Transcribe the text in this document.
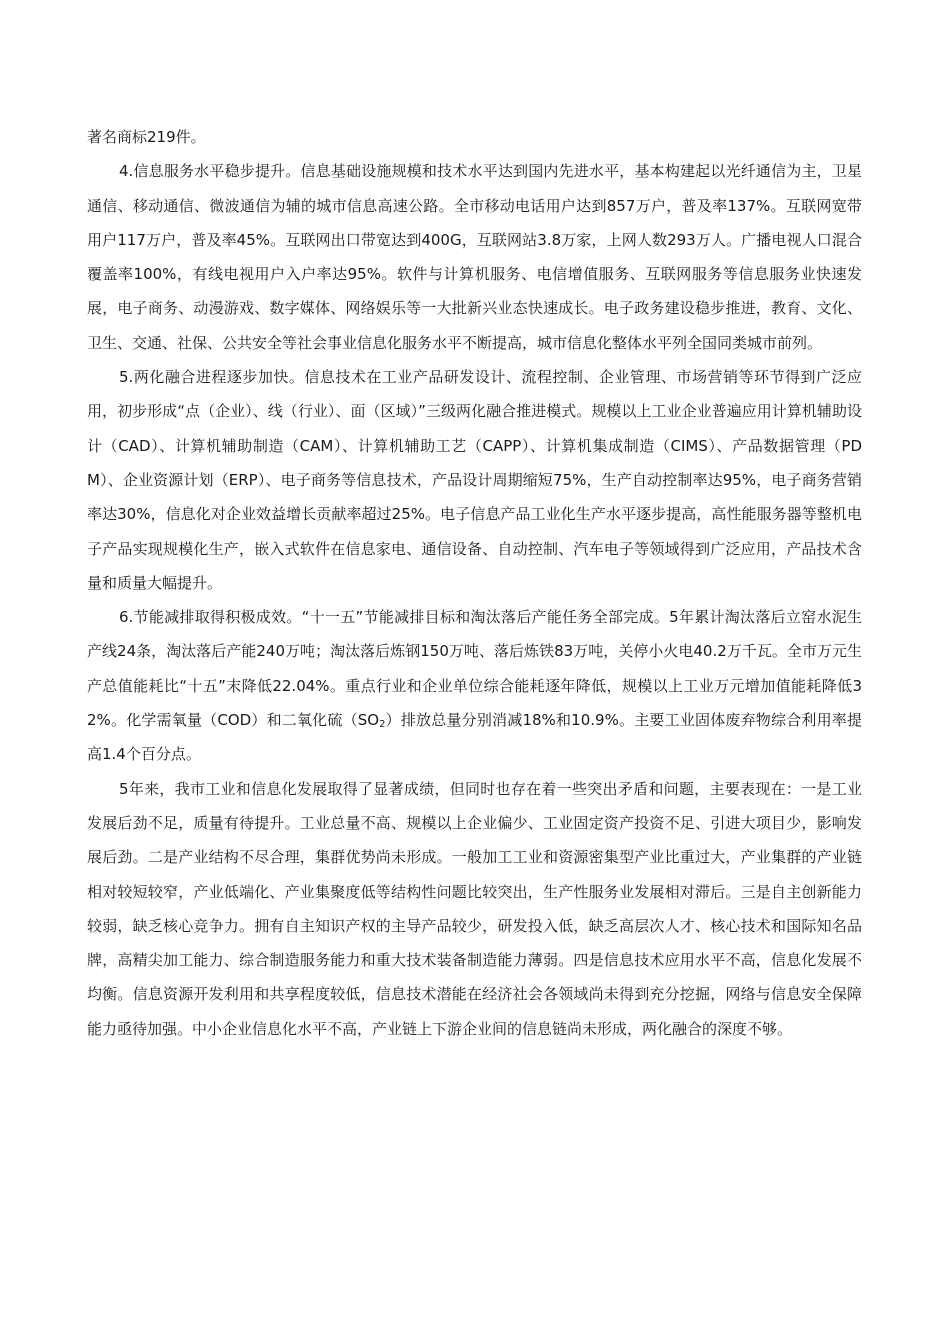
著名商标219件。

4.信息服务水平稳步提升。信息基础设施规模和技术水平达到国内先进水平，基本构建起以光纤通信为主，卫星通信、移动通信、微波通信为辅的城市信息高速公路。全市移动电话用户达到857万户，普及率137%。互联网宽带用户117万户，普及率45%。互联网出口带宽达到400G，互联网站3.8万家，上网人数293万人。广播电视人口混合覆盖率100%，有线电视用户入户率达95%。软件与计算机服务、电信增值服务、互联网服务等信息服务业快速发展，电子商务、动漫游戏、数字媒体、网络娱乐等一大批新兴业态快速成长。电子政务建设稳步推进，教育、文化、卫生、交通、社保、公共安全等社会事业信息化服务水平不断提高，城市信息化整体水平列全国同类城市前列。

5.两化融合进程逐步加快。信息技术在工业产品研发设计、流程控制、企业管理、市场营销等环节得到广泛应用，初步形成“点（企业）、线（行业）、面（区域）”三级两化融合推进模式。规模以上工业企业普遍应用计算机辅助设计（CAD）、计算机辅助制造（CAM）、计算机辅助工艺（CAPP）、计算机集成制造（CIMS）、产品数据管理（PDM）、企业资源计划（ERP）、电子商务等信息技术，产品设计周期缩短75%，生产自动控制率达95%，电子商务营销率达30%，信息化对企业效益增长贡献率超过25%。电子信息产品工业化生产水平逐步提高，高性能服务器等整机电子产品实现规模化生产，嵌入式软件在信息家电、通信设备、自动控制、汽车电子等领域得到广泛应用，产品技术含量和质量大幅提升。

6.节能减排取得积极成效。“十一五”节能减排目标和淘汰落后产能任务全部完成。5年累计淘汰落后立窑水泥生产线24条，淘汰落后产能240万吨；淘汰落后炼钢150万吨、落后炼铁83万吨，关停小火电40.2万千瓦。全市万元生产总值能耗比“十五”末降低22.04%。重点行业和企业单位综合能耗逐年降低，规模以上工业万元增加值能耗降低32%。化学需氧量（COD）和二氧化硫$(SO_2)$排放总量分别消减18%和10.9%。主要工业固体废弃物综合利用率提高1.4个百分点。

5年来，我市工业和信息化发展取得了显著成绩，但同时也存在着一些突出矛盾和问题，主要表现在：一是工业发展后劲不足，质量有待提升。工业总量不高、规模以上企业偏少、工业固定资产投资不足、引进大项目少，影响发展后劲。二是产业结构不尽合理，集群优势尚未形成。一般加工工业和资源密集型产业比重过大，产业集群的产业链相对较短较窄，产业低端化、产业集聚度低等结构性问题比较突出，生产性服务业发展相对滞后。三是自主创新能力较弱，缺乏核心竞争力。拥有自主知识产权的主导产品较少，研发投入低，缺乏高层次人才、核心技术和国际知名品牌，高精尖加工能力、综合制造服务能力和重大技术装备制造能力薄弱。四是信息技术应用水平不高，信息化发展不均衡。信息资源开发利用和共享程度较低，信息技术潜能在经济社会各领域尚未得到充分挖掘，网络与信息安全保障能力亟待加强。中小企业信息化水平不高，产业链上下游企业间的信息链尚未形成，两化融合的深度不够。
